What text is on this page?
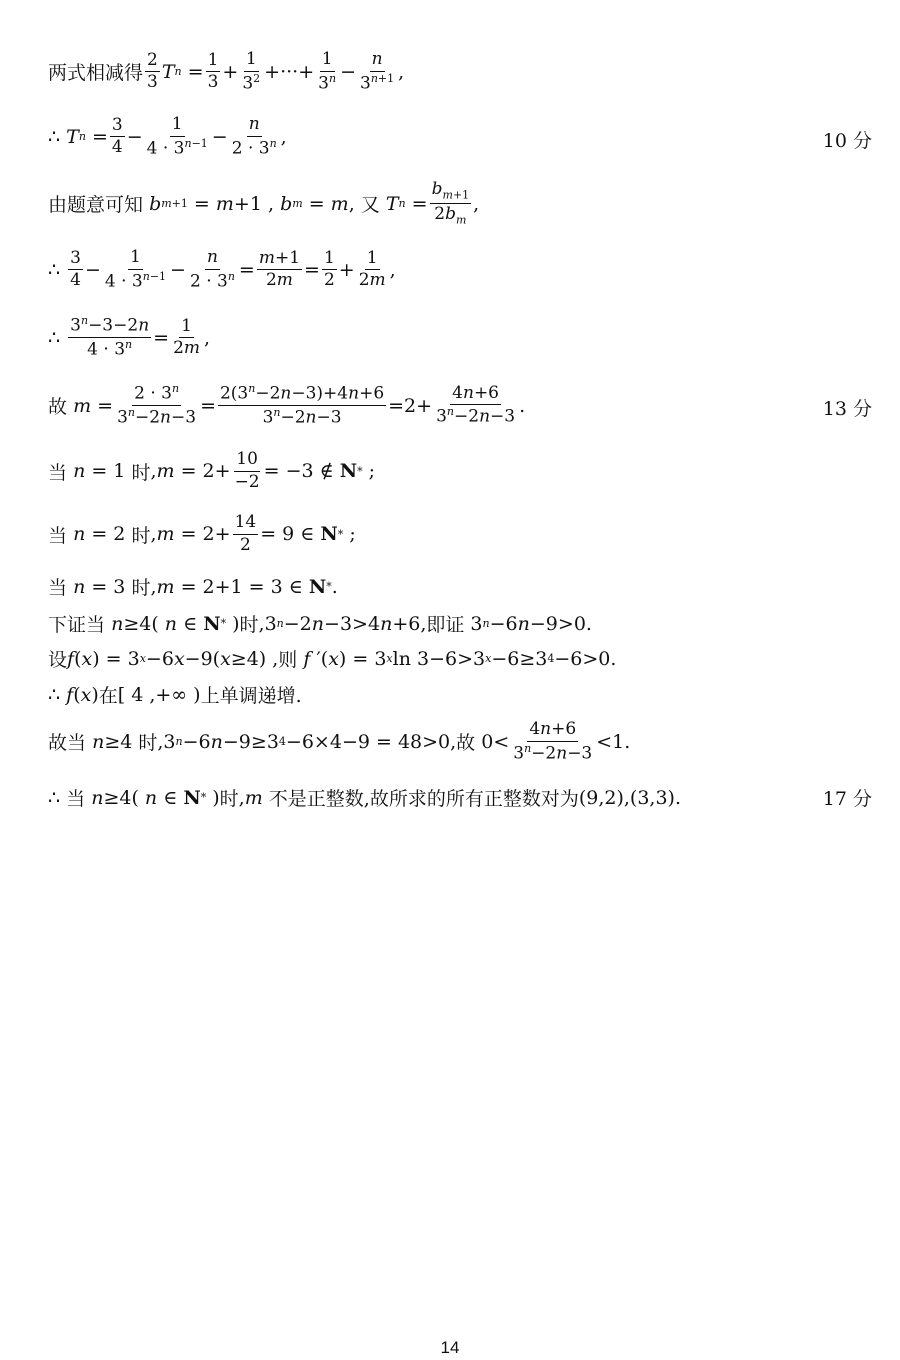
两式相减得 $\frac{2}{3}$ T $n = \frac{1}{3} + \frac{1}{3^2}$ +···+ $\frac{1}{3^n} - \frac{n}{3^{n+1}}$ ,
∴ T $n = \frac{3}{4} - \frac{1}{4 \cdot 3^{n-1}} - \frac{n}{2 \cdot 3^n}$ ,	10 分
由题意可知
b m+1 = m +1 , b m = m , 又
T $n = \frac{b_{m+1}}{2b_m}$ ,
∴ $\frac{3}{4} - \frac{1}{4 \cdot 3^{n-1}} - \frac{n}{2 \cdot 3^n} = \frac{m+1}{2m} = \frac{1}{2} + \frac{1}{2m}$ ,
∴ $\frac{3^n-3-2n}{4 \cdot 3^n} = \frac{1}{2m}$ ,
故
$m = \frac{2 \cdot 3^n}{3^n-2n-3} = \frac{2(3^n-2n-3)+4n+6}{3^n-2n-3} =2+ \frac{4n+6}{3^n-2n-3}$ .	13 分
当
n = 1 时 , $m = 2+ \frac{10}{-2} = -3$ ∉ N * ;
当
n = 2 时 , $m = 2+ \frac{14}{2} = 9$ ∈ N * ;
当
n = 3 时 , m = 2+1 = 3 ∈ N * .
下证当
n ≥4( n ∈ N * ) 时 ,3 n −2 n −3>4 n +6, 即证 3 n −6 n −9>0.
设 f ( x ) = 3 x −6 x −9( x ≥4) , 则
f ′( x ) = 3 x ln 3−6>3 x −6≥3 4 −6>0.
∴ f ( x ) 在 [ 4 ,+∞ ) 上单调递增.
故当
n ≥4 时 ,3 n −6 n −9≥3 4 −6×4−9 = 48>0, 故 $0< \frac{4n+6}{3^n-2n-3} <1$.
∴ 当
n ≥4( n ∈ N * ) 时 , m
不是正整数,故所求的所有正整数对为 (9,2),(3,3).	17 分
14
